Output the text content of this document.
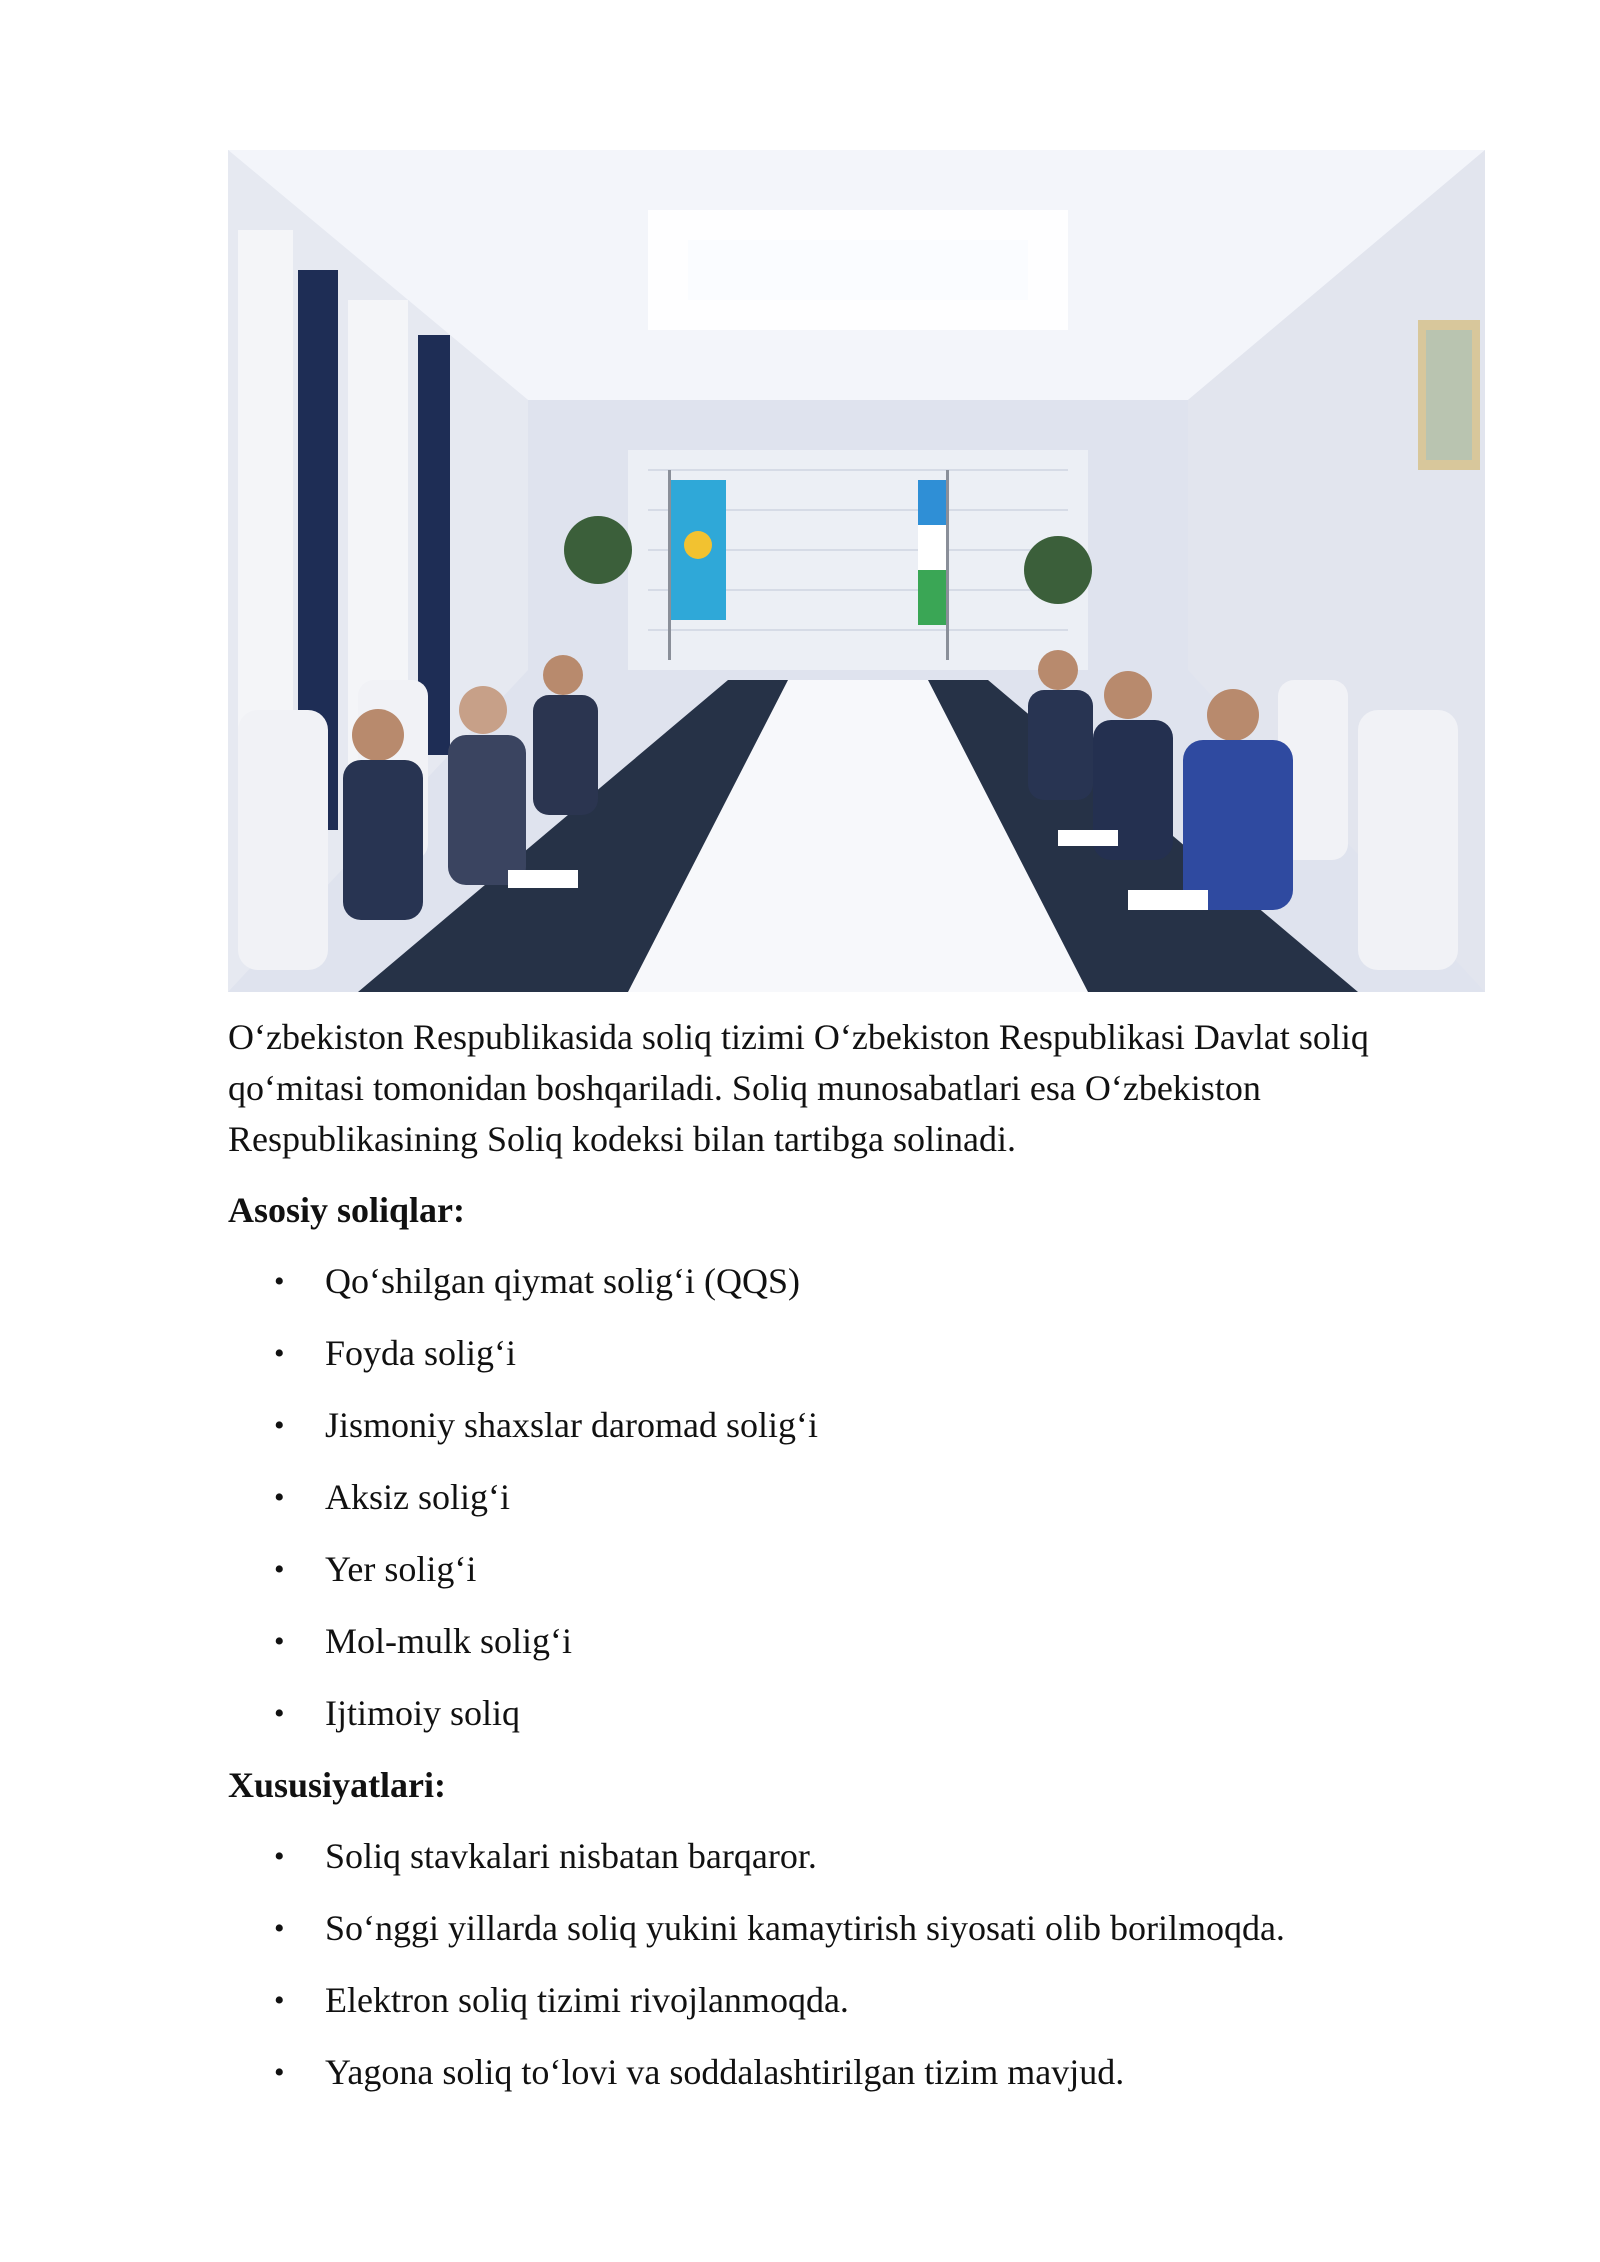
O‘zbekiston Respublikasida soliq tizimi O‘zbekiston Respublikasi Davlat soliq qo‘mitasi tomonidan boshqariladi. Soliq munosabatlari esa O‘zbekiston Respublikasining Soliq kodeksi bilan tartibga solinadi.

Asosiy soliqlar:
• Qo‘shilgan qiymat solig‘i (QQS)
• Foyda solig‘i
• Jismoniy shaxslar daromad solig‘i
• Aksiz solig‘i
• Yer solig‘i
• Mol-mulk solig‘i
• Ijtimoiy soliq
Xususiyatlari:
• Soliq stavkalari nisbatan barqaror.
• So‘nggi yillarda soliq yukini kamaytirish siyosati olib borilmoqda.
• Elektron soliq tizimi rivojlanmoqda.
• Yagona soliq to‘lovi va soddalashtirilgan tizim mavjud.
